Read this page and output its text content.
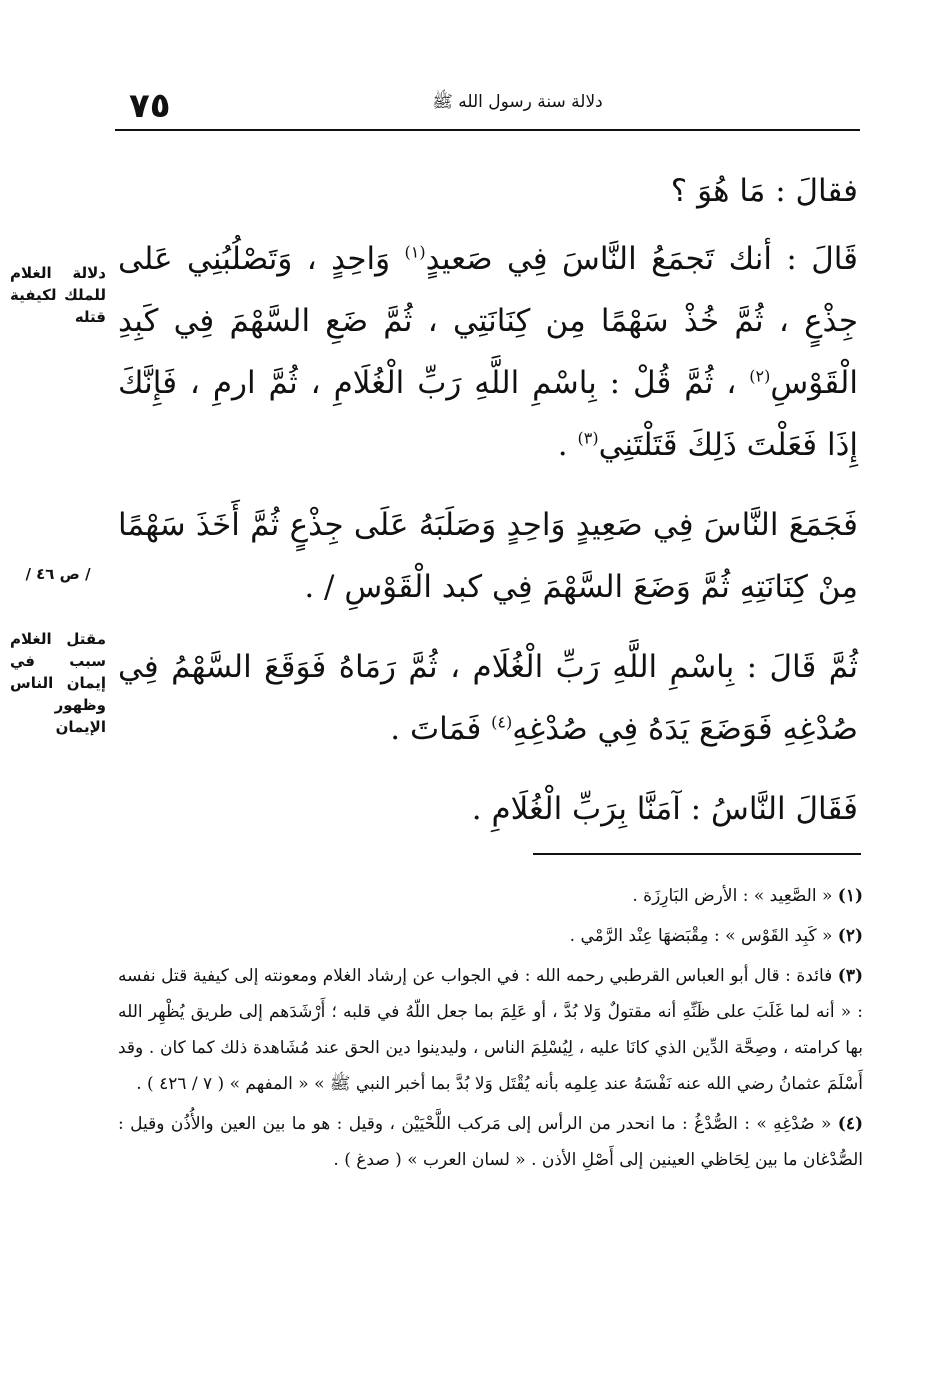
٧٥	دلالة سنة رسول الله ﷺ

فقالَ : مَا هُوَ ؟

قَالَ : أنك تَجمَعُ النَّاسَ فِي صَعيدٍ$^{(١)}$ وَاحِدٍ ، وَتَصْلُبُنِي عَلى جِذْعٍ ، ثُمَّ خُذْ سَهْمًا مِن كِنَانَتِي ، ثُمَّ ضَعِ السَّهْمَ فِي كَبِدِ الْقَوْسِ$^{(٢)}$ ، ثُمَّ قُلْ : بِاسْمِ اللَّهِ رَبِّ الْغُلَامِ ، ثُمَّ ارمِ ، فَإِنَّكَ إِذَا فَعَلْتَ ذَلِكَ قَتَلْتَنِي$^{(٣)}$ .

فَجَمَعَ النَّاسَ فِي صَعِيدٍ وَاحِدٍ وَصَلَبَهُ عَلَى جِذْعٍ ثُمَّ أَخَذَ سَهْمًا مِنْ كِنَانَتِهِ ثُمَّ وَضَعَ السَّهْمَ فِي كبد الْقَوْسِ / .

ثُمَّ قَالَ : بِاسْمِ اللَّهِ رَبِّ الْغُلَام ، ثُمَّ رَمَاهُ فَوَقَعَ السَّهْمُ فِي صُدْغِهِ فَوَضَعَ يَدَهُ فِي صُدْغِهِ$^{(٤)}$ فَمَاتَ .

فَقَالَ النَّاسُ : آمَنَّا بِرَبِّ الْغُلَامِ .

دلالة الغلام للملك لكيفية قتله
/ ص ٤٦ /
مقتل الغلام سبب في إيمان الناس وظهور الإيمان

(١) « الصَّعِيد » : الأرض البَارِزَة .

(٢) « كَبِد القَوْس » : مِقْبَضهَا عِنْد الرَّمْي .

(٣) فائدة : قال أبو العباس القرطبي رحمه الله : في الجواب عن إرشاد الغلام ومعونته إلى كيفية قتل نفسه : « أنه لما غَلَبَ على ظَنِّهِ أنه مقتولٌ وَلا بُدَّ ، أو عَلِمَ بما جعل اللّهُ في قلبه ؛ أَرْشَدَهم إلى طريق يُظْهِر الله بها كرامته ، وصِحَّة الدِّين الذي كانَا عليه ، لِيُسْلِمَ الناس ، وليدينوا دين الحق عند مُشَاهدة ذلك كما كان . وقد أَسْلَمَ عثمانُ رضي الله عنه نَفْسَهُ عند عِلمِه بأنه يُقْتَل وَلا بُدَّ بما أخبر النبي ﷺ » « المفهم » ( ٧ / ٤٢٦ ) .

(٤) « صُدْغِهِ » : الصُّدْغُ : ما انحدر من الرأس إلى مَركب اللَّحْيَيْن ، وقيل : هو ما بين العين والأُذُن وقيل : الصُّدْغان ما بين لِحَاظي العينين إلى أَصْلِ الأذن . « لسان العرب » ( صدغ ) .
